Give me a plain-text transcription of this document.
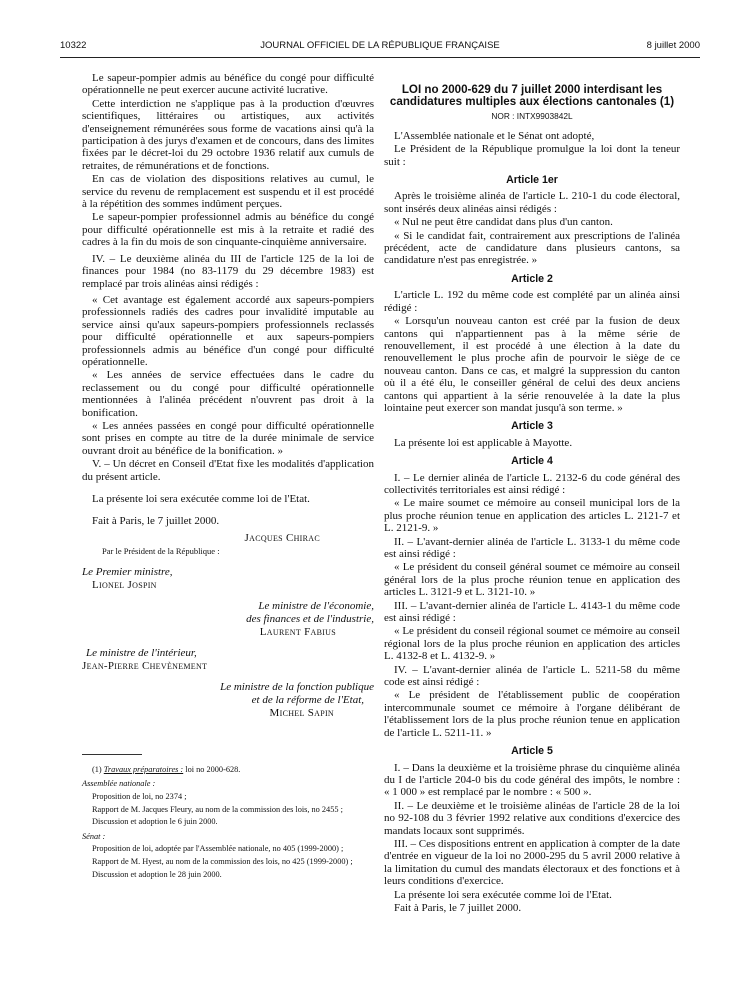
10322	JOURNAL OFFICIEL DE LA RÉPUBLIQUE FRANÇAISE	8 juillet 2000

Le sapeur-pompier admis au bénéfice du congé pour difficulté opérationnelle ne peut exercer aucune activité lucrative.

Cette interdiction ne s'applique pas à la production d'œuvres scientifiques, littéraires ou artistiques, aux activités d'enseignement rémunérées sous forme de vacations ainsi qu'à la participation à des jurys d'examen et de concours, dans des limites fixées par le décret-loi du 29 octobre 1936 relatif aux cumuls de retraites, de rémunérations et de fonctions.

En cas de violation des dispositions relatives au cumul, le service du revenu de remplacement est suspendu et il est procédé à la répétition des sommes indûment perçues.

Le sapeur-pompier professionnel admis au bénéfice du congé pour difficulté opérationnelle est mis à la retraite et radié des cadres à la fin du mois de son cinquante-cinquième anniversaire.

IV. – Le deuxième alinéa du III de l'article 125 de la loi de finances pour 1984 (no 83-1179 du 29 décembre 1983) est remplacé par trois alinéas ainsi rédigés :

« Cet avantage est également accordé aux sapeurs-pompiers professionnels radiés des cadres pour invalidité imputable au service ainsi qu'aux sapeurs-pompiers professionnels reclassés pour difficulté opérationnelle et aux sapeurs-pompiers professionnels admis au bénéfice d'un congé pour difficulté opérationnelle.

« Les années de service effectuées dans le cadre du reclassement ou du congé pour difficulté opérationnelle mentionnées à l'alinéa précédent n'ouvrent pas droit à la bonification.

« Les années passées en congé pour difficulté opérationnelle sont prises en compte au titre de la durée minimale de service ouvrant droit au bénéfice de la bonification. »

V. – Un décret en Conseil d'Etat fixe les modalités d'application du présent article.

La présente loi sera exécutée comme loi de l'Etat.

Fait à Paris, le 7 juillet 2000.

Jacques Chirac
Par le Président de la République :
Le Premier ministre,
Lionel Jospin
Le ministre de l'économie,
des finances et de l'industrie,
Laurent Fabius
Le ministre de l'intérieur,
Jean-Pierre Chevènement
Le ministre de la fonction publique
et de la réforme de l'Etat,
Michel Sapin
(1) Travaux préparatoires : loi no 2000-628.
Assemblée nationale :
Proposition de loi, no 2374 ;
Rapport de M. Jacques Fleury, au nom de la commission des lois, no 2455 ;
Discussion et adoption le 6 juin 2000.
Sénat :
Proposition de loi, adoptée par l'Assemblée nationale, no 405 (1999-2000) ;
Rapport de M. Hyest, au nom de la commission des lois, no 425 (1999-2000) ;
Discussion et adoption le 28 juin 2000.
LOI no 2000-629 du 7 juillet 2000 interdisant les candidatures multiples aux élections cantonales (1)
NOR : INTX9903842L

L'Assemblée nationale et le Sénat ont adopté,

Le Président de la République promulgue la loi dont la teneur suit :

Article 1er

Après le troisième alinéa de l'article L. 210-1 du code électoral, sont insérés deux alinéas ainsi rédigés :

« Nul ne peut être candidat dans plus d'un canton.

« Si le candidat fait, contrairement aux prescriptions de l'alinéa précédent, acte de candidature dans plusieurs cantons, sa candidature n'est pas enregistrée. »

Article 2

L'article L. 192 du même code est complété par un alinéa ainsi rédigé :

« Lorsqu'un nouveau canton est créé par la fusion de deux cantons qui n'appartiennent pas à la même série de renouvellement, il est procédé à une élection à la date du renouvellement le plus proche afin de pourvoir le siège de ce nouveau canton. Dans ce cas, et malgré la suppression du canton où il a été élu, le conseiller général de celui des deux anciens cantons qui appartient à la série renouvelée à la date la plus lointaine peut exercer son mandat jusqu'à son terme. »

Article 3

La présente loi est applicable à Mayotte.

Article 4

I. – Le dernier alinéa de l'article L. 2132-6 du code général des collectivités territoriales est ainsi rédigé :

« Le maire soumet ce mémoire au conseil municipal lors de la plus proche réunion tenue en application des articles L. 2121-7 et L. 2121-9. »

II. – L'avant-dernier alinéa de l'article L. 3133-1 du même code est ainsi rédigé :

« Le président du conseil général soumet ce mémoire au conseil général lors de la plus proche réunion tenue en application des articles L. 3121-9 et L. 3121-10. »

III. – L'avant-dernier alinéa de l'article L. 4143-1 du même code est ainsi rédigé :

« Le président du conseil régional soumet ce mémoire au conseil régional lors de la plus proche réunion en application des articles L. 4132-8 et L. 4132-9. »

IV. – L'avant-dernier alinéa de l'article L. 5211-58 du même code est ainsi rédigé :

« Le président de l'établissement public de coopération intercommunale soumet ce mémoire à l'organe délibérant de l'établissement lors de la plus proche réunion tenue en application de l'article L. 5211-11. »

Article 5

I. – Dans la deuxième et la troisième phrase du cinquième alinéa du I de l'article 204-0 bis du code général des impôts, le nombre : « 1 000 » est remplacé par le nombre : « 500 ».

II. – Le deuxième et le troisième alinéas de l'article 28 de la loi no 92-108 du 3 février 1992 relative aux conditions d'exercice des mandats locaux sont supprimés.

III. – Ces dispositions entrent en application à compter de la date d'entrée en vigueur de la loi no 2000-295 du 5 avril 2000 relative à la limitation du cumul des mandats électoraux et des fonctions et à leurs conditions d'exercice.

La présente loi sera exécutée comme loi de l'Etat.

Fait à Paris, le 7 juillet 2000.
